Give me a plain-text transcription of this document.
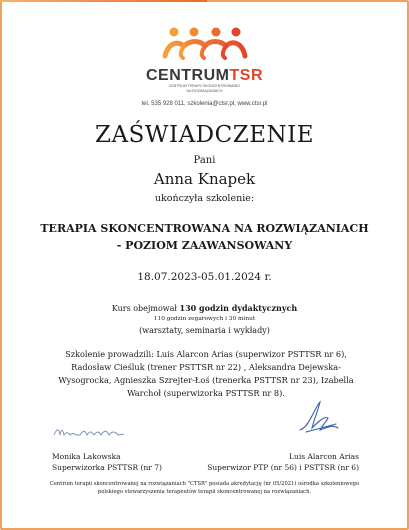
CENTRUMTSR
CENTRUM TERAPII SKONCENTROWANEJ
NA ROZWIĄZANIACH
tel. 535 928 011, szkolenia@ctsr.pl, www.ctsr.pl
ZAŚWIADCZENIE
Pani
Anna Knapek
ukończyła szkolenie:
TERAPIA SKONCENTROWANA NA ROZWIĄZANIACH
- POZIOM ZAAWANSOWANY
18.07.2023-05.01.2024 r.
Kurs obejmował 130 godzin dydaktycznych
110 godzin zegarowych i 30 minut
(warsztaty, seminaria i wykłady)
Szkolenie prowadzili: Luis Alarcon Arias (superwizor PSTTSR nr 6), Radosław Cieśluk (trener PSTTSR nr 22) , Aleksandra Dejewska-Wysogrocka, Agnieszka Szrejter-Łoś (trenerka PSTTSR nr 23), Izabella Warchoł (superwizorka PSTTSR nr 8).
Monika Lakowska
Superwizorka PSTTSR (nr 7)
Luis Alarcon Arias
Superwizor PTP (nr 56) i PSTTSR (nr 6)
Centrum terapii skoncentrowanej na rozwiązaniach "CTSR" posiada akredytację (nr 05/2021) ośrodka szkoleniowego polskiego stowarzyszenia terapeutów terapii skoncentrowanej na rozwiązaniach.
